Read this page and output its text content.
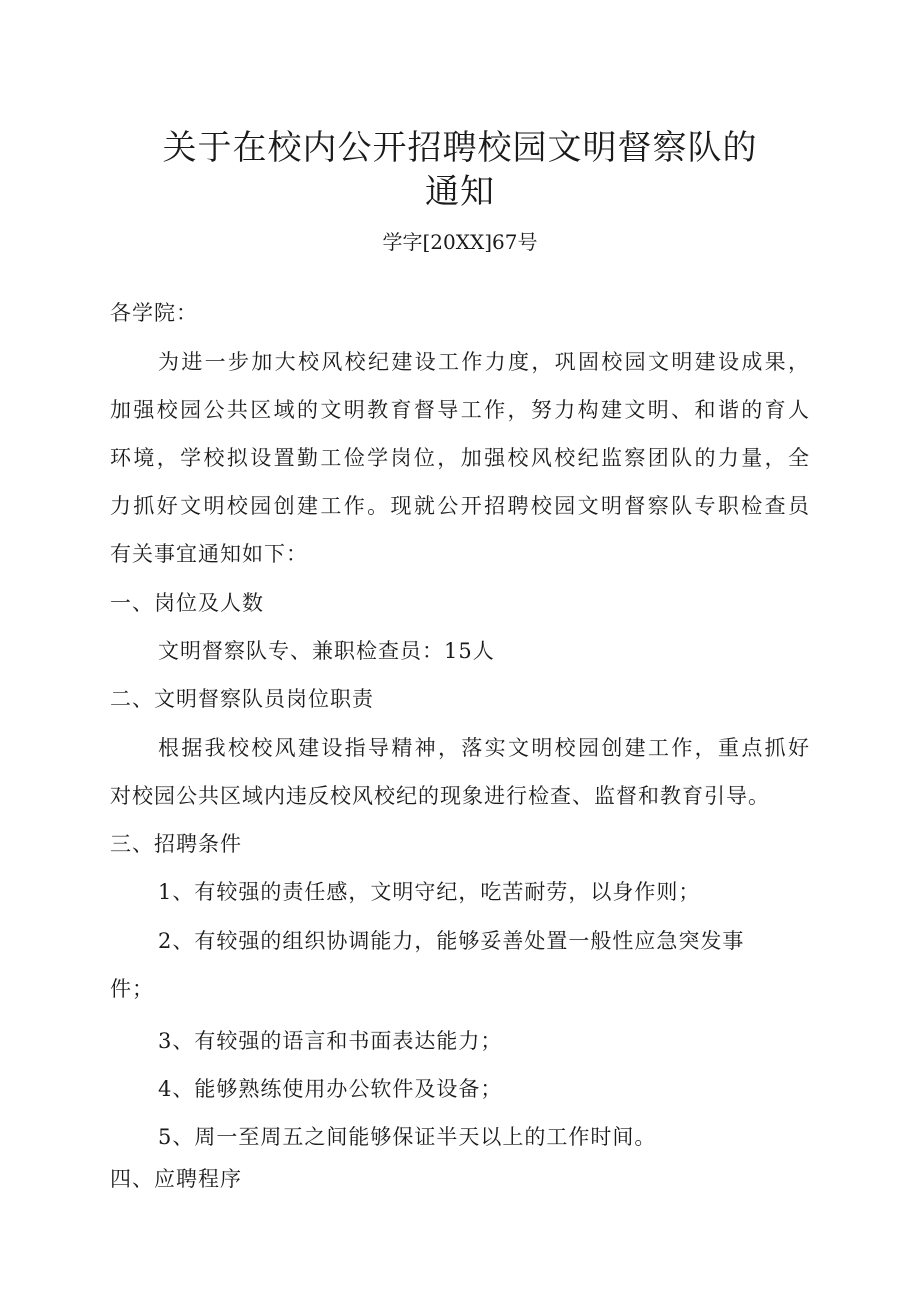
关于在校内公开招聘校园文明督察队的
通知
学字[20XX]67号
各学院：
为进一步加大校风校纪建设工作力度，巩固校园文明建设成果，
加强校园公共区域的文明教育督导工作，努力构建文明、和谐的育人
环境，学校拟设置勤工俭学岗位，加强校风校纪监察团队的力量，全
力抓好文明校园创建工作。现就公开招聘校园文明督察队专职检查员
有关事宜通知如下：
一、岗位及人数
文明督察队专、兼职检查员：15人
二、文明督察队员岗位职责
根据我校校风建设指导精神，落实文明校园创建工作，重点抓好
对校园公共区域内违反校风校纪的现象进行检查、监督和教育引导。
三、招聘条件
1、有较强的责任感，文明守纪，吃苦耐劳，以身作则；
2、有较强的组织协调能力，能够妥善处置一般性应急突发事
件；
3、有较强的语言和书面表达能力；
4、能够熟练使用办公软件及设备；
5、周一至周五之间能够保证半天以上的工作时间。
四、应聘程序
